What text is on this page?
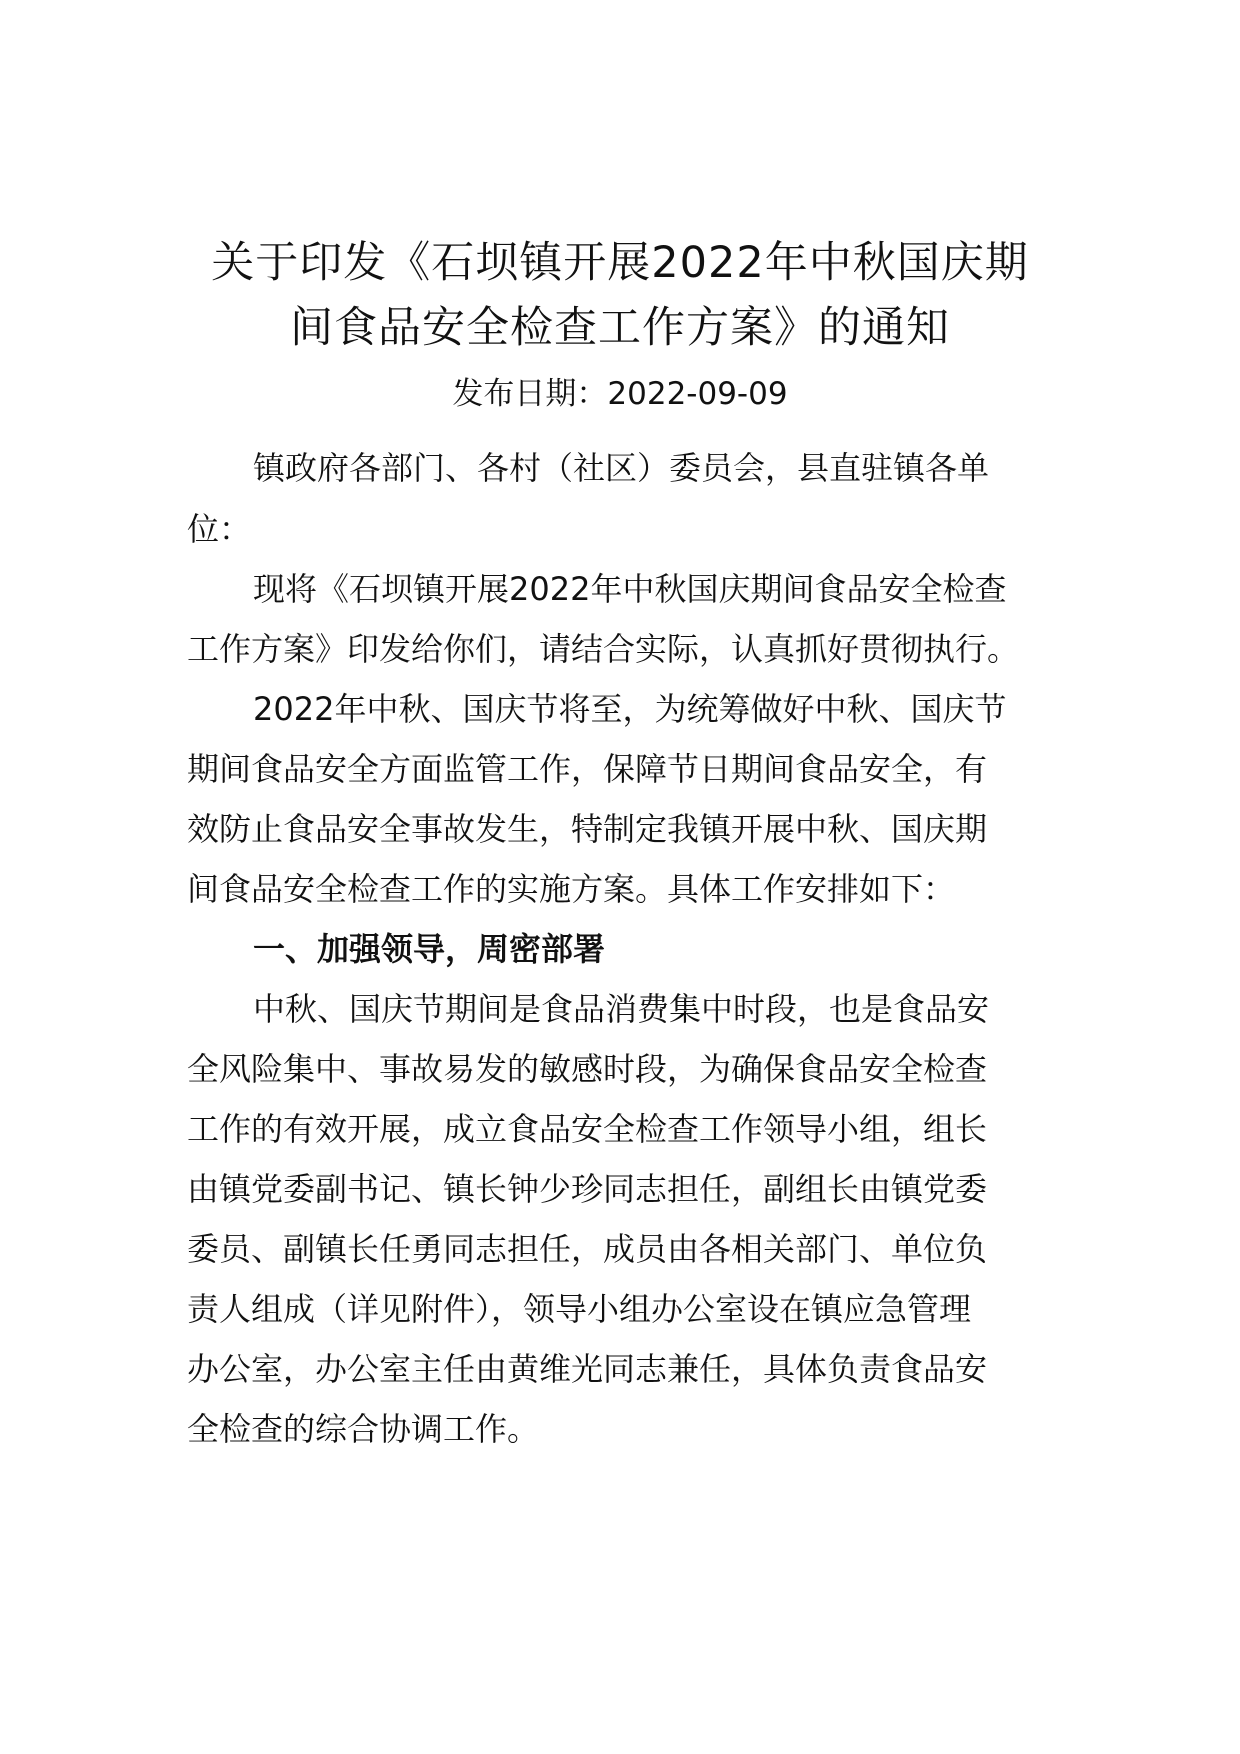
关于印发《石坝镇开展2022年中秋国庆期
间食品安全检查工作方案》的通知
发布日期：2022-09-09
镇政府各部门、各村（社区）委员会，县直驻镇各单
位：
现将《石坝镇开展2022年中秋国庆期间食品安全检查
工作方案》印发给你们，请结合实际，认真抓好贯彻执行。
2022年中秋、国庆节将至，为统筹做好中秋、国庆节
期间食品安全方面监管工作，保障节日期间食品安全，有
效防止食品安全事故发生，特制定我镇开展中秋、国庆期
间食品安全检查工作的实施方案。具体工作安排如下：
一、加强领导，周密部署
中秋、国庆节期间是食品消费集中时段，也是食品安
全风险集中、事故易发的敏感时段，为确保食品安全检查
工作的有效开展，成立食品安全检查工作领导小组，组长
由镇党委副书记、镇长钟少珍同志担任，副组长由镇党委
委员、副镇长任勇同志担任，成员由各相关部门、单位负
责人组成（详见附件），领导小组办公室设在镇应急管理
办公室，办公室主任由黄维光同志兼任，具体负责食品安
全检查的综合协调工作。
